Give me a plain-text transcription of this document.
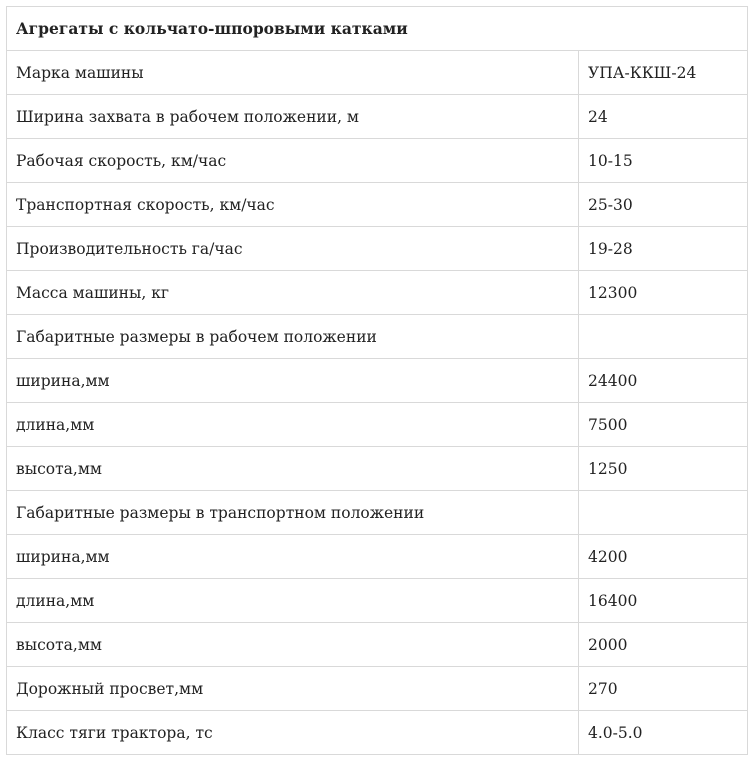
Агрегаты с кольчато-шпоровыми катками	
Марка машины	УПА-ККШ-24
Ширина захвата в рабочем положении, м	24
Рабочая скорость, км/час	10-15
Транспортная скорость, км/час	25-30
Производительность га/час	19-28
Масса машины, кг	12300
Габаритные размеры в рабочем положении	
ширина,мм	24400
длина,мм	7500
высота,мм	1250
Габаритные размеры в транспортном положении	
ширина,мм	4200
длина,мм	16400
высота,мм	2000
Дорожный просвет,мм	270
Класс тяги трактора, тс	4.0-5.0
